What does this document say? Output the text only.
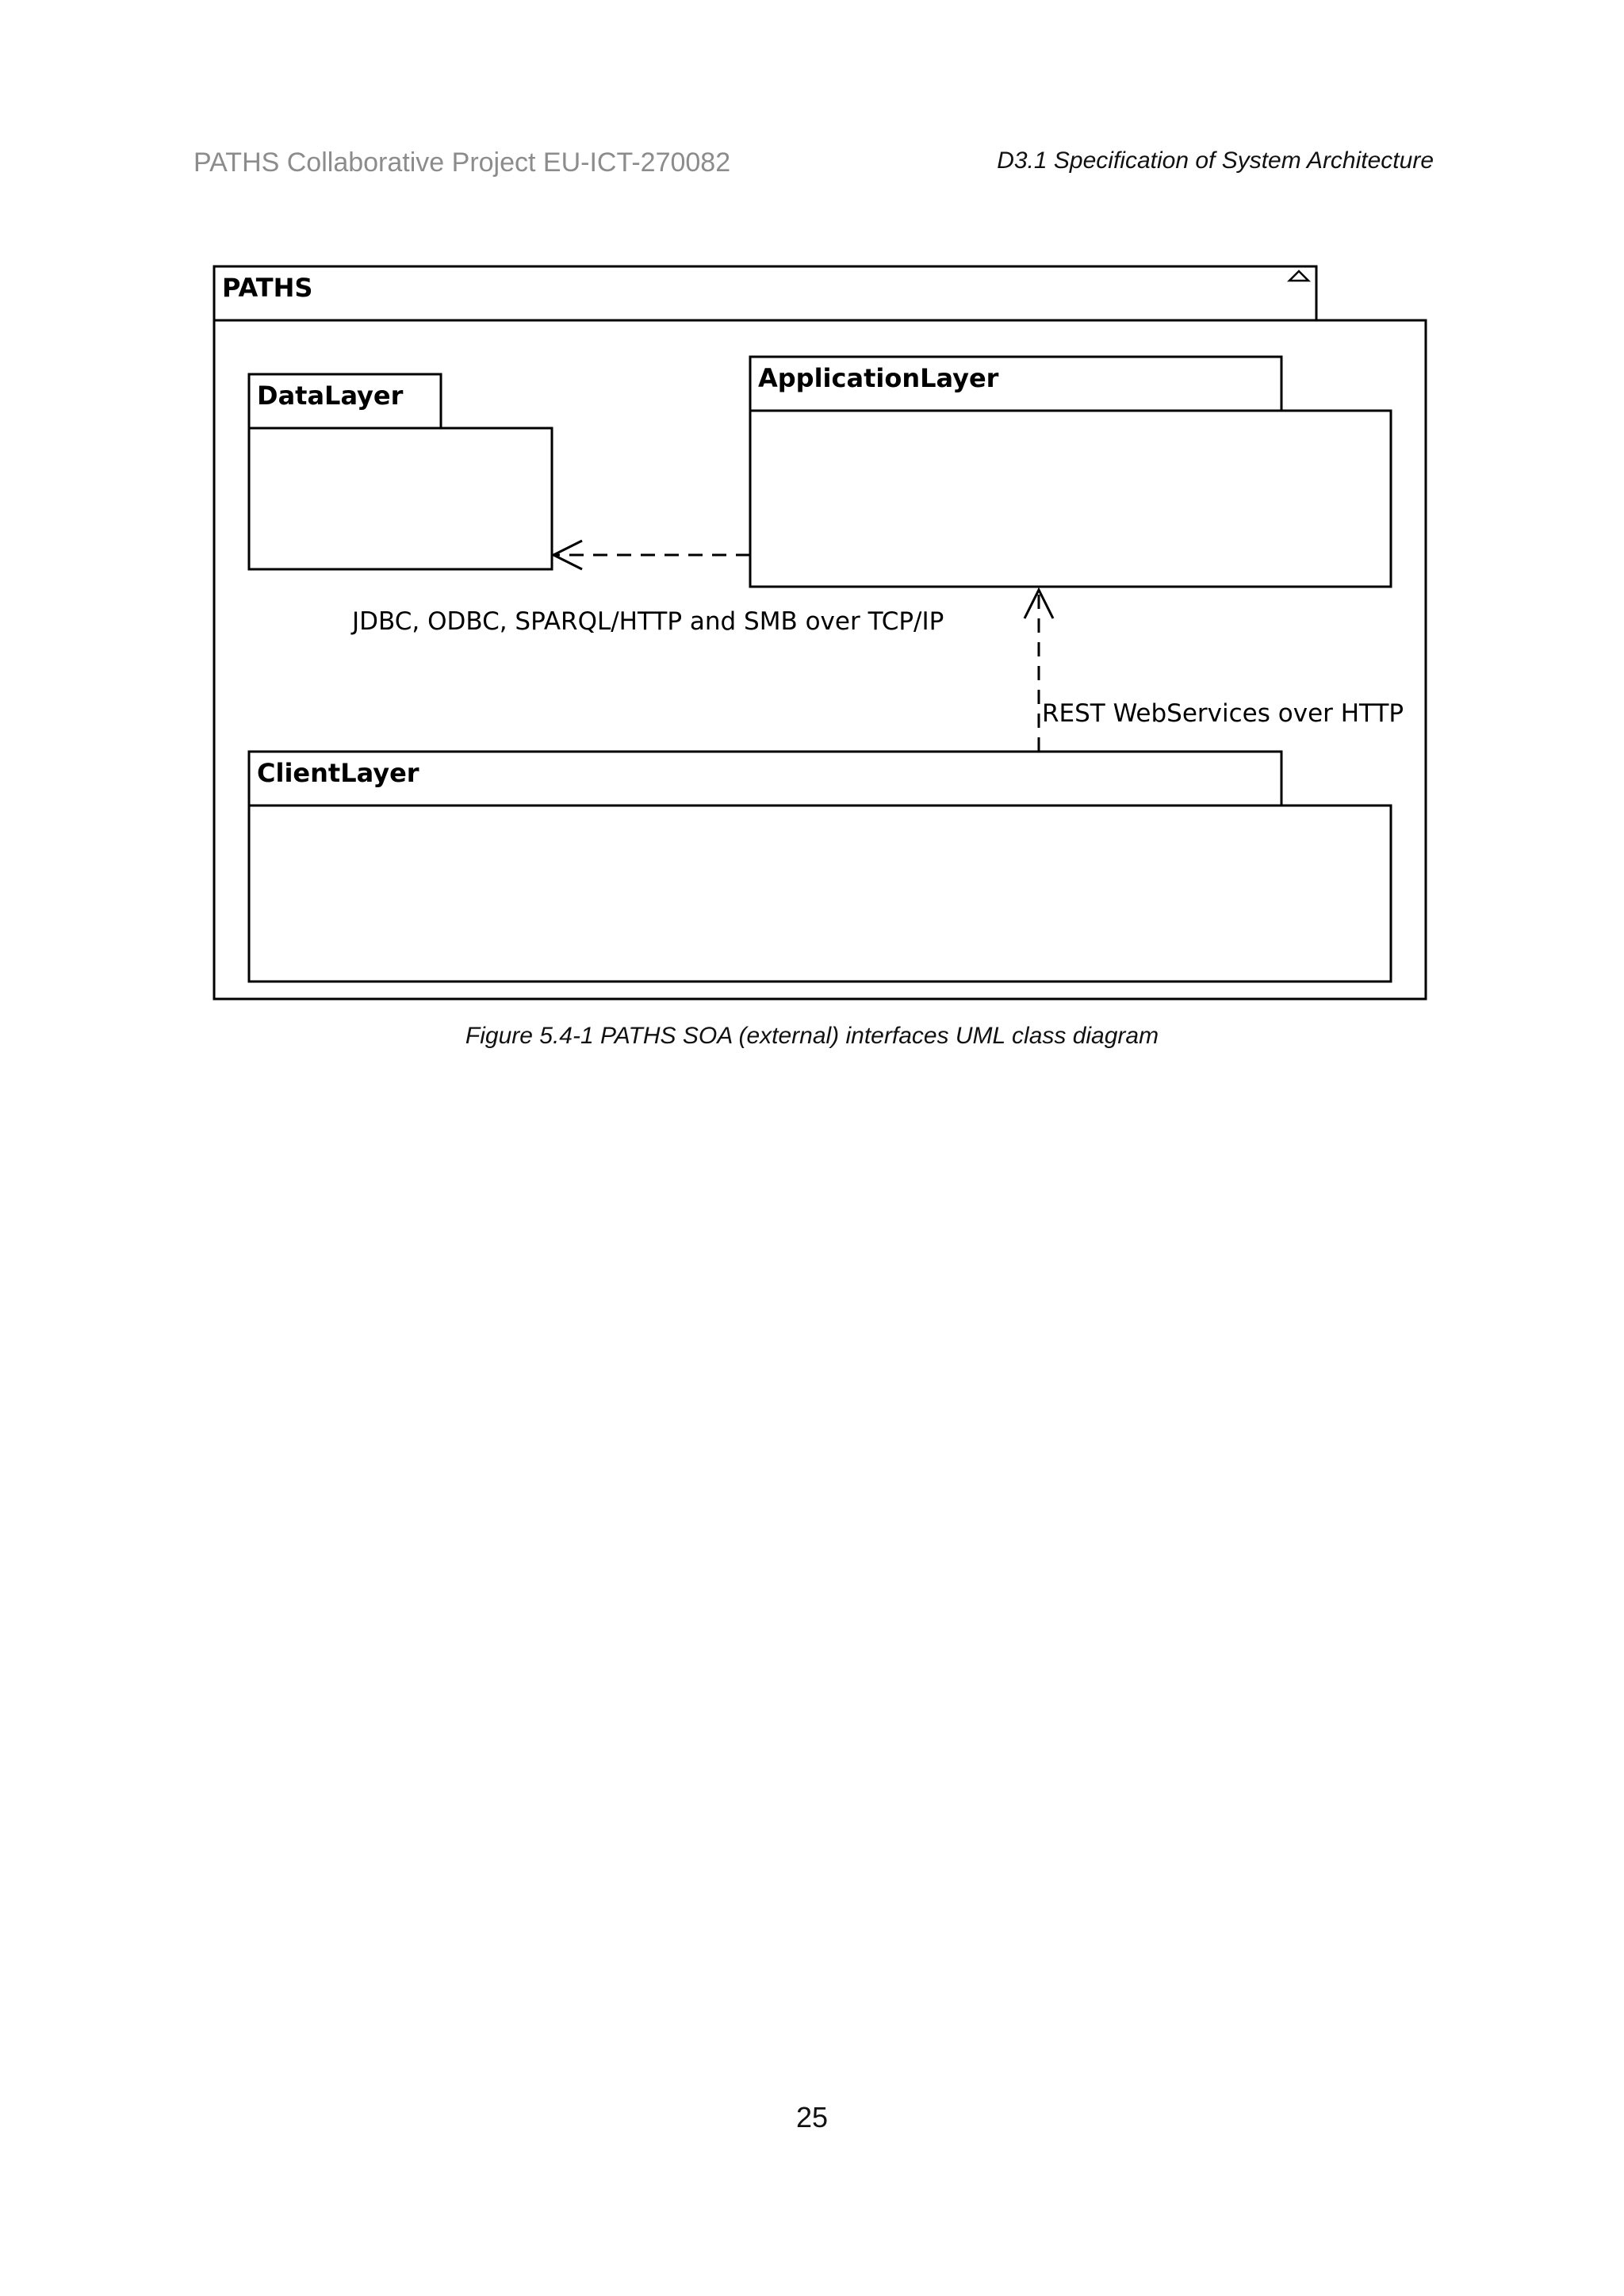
PATHS Collaborative Project EU-ICT-270082	D3.1 Specification of System Architecture
PATHS
DataLayer
ApplicationLayer
ClientLayer
JDBC, ODBC, SPARQL/HTTP and SMB over TCP/IP
REST WebServices over HTTP
Figure 5.4-1 PATHS SOA (external) interfaces UML class diagram
25
